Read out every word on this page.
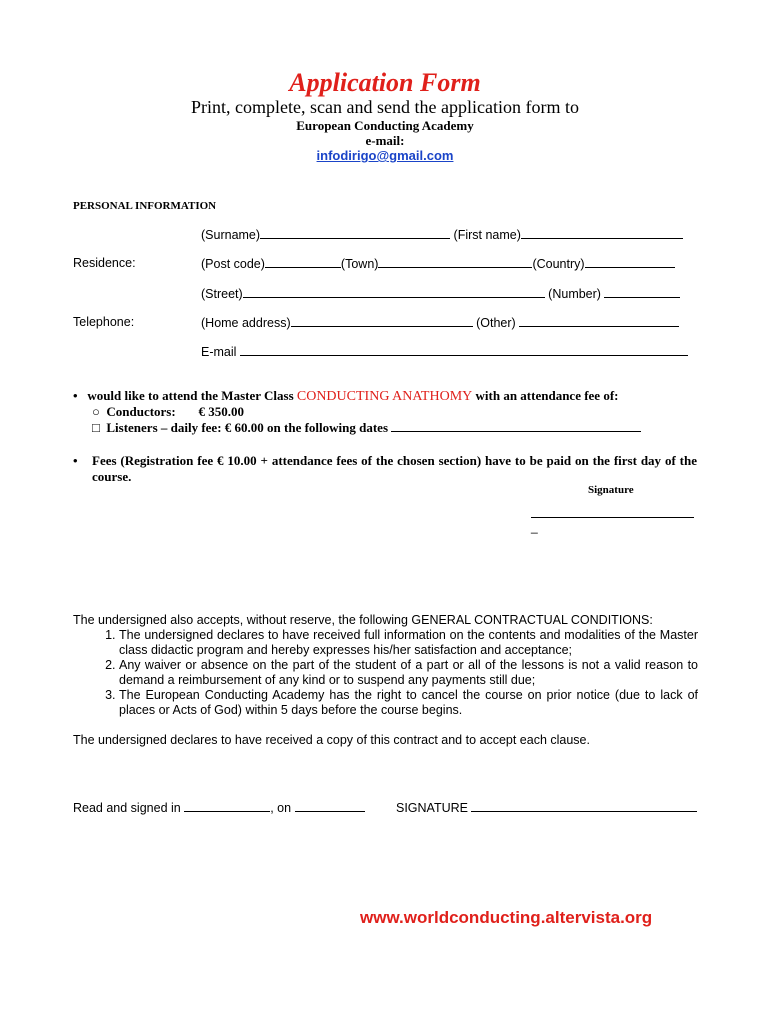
Application Form
Print, complete, scan and send the application form to
European Conducting Academy
e-mail:
infodirigo@gmail.com
PERSONAL INFORMATION
(Surname)	(First name)
Residence:	(Post code)	(Town)	(Country)
(Street)	(Number)
Telephone:	(Home address)	(Other)
E-mail
• would like to attend the Master Class CONDUCTING ANATHOMY with an attendance fee of:
○ Conductors: € 350.00
□ Listeners – daily fee: € 60.00 on the following dates
• Fees (Registration fee € 10.00 + attendance fees of the chosen section) have to be paid on the first day of the course.
Signature
_
The undersigned also accepts, without reserve, the following GENERAL CONTRACTUAL CONDITIONS:
1. The undersigned declares to have received full information on the contents and modalities of the Master class didactic program and hereby expresses his/her satisfaction and acceptance;
2. Any waiver or absence on the part of the student of a part or all of the lessons is not a valid reason to demand a reimbursement of any kind or to suspend any payments still due;
3. The European Conducting Academy has the right to cancel the course on prior notice (due to lack of places or Acts of God) within 5 days before the course begins.
The undersigned declares to have received a copy of this contract and to accept each clause.
Read and signed in	, on	SIGNATURE
www.worldconducting.altervista.org
